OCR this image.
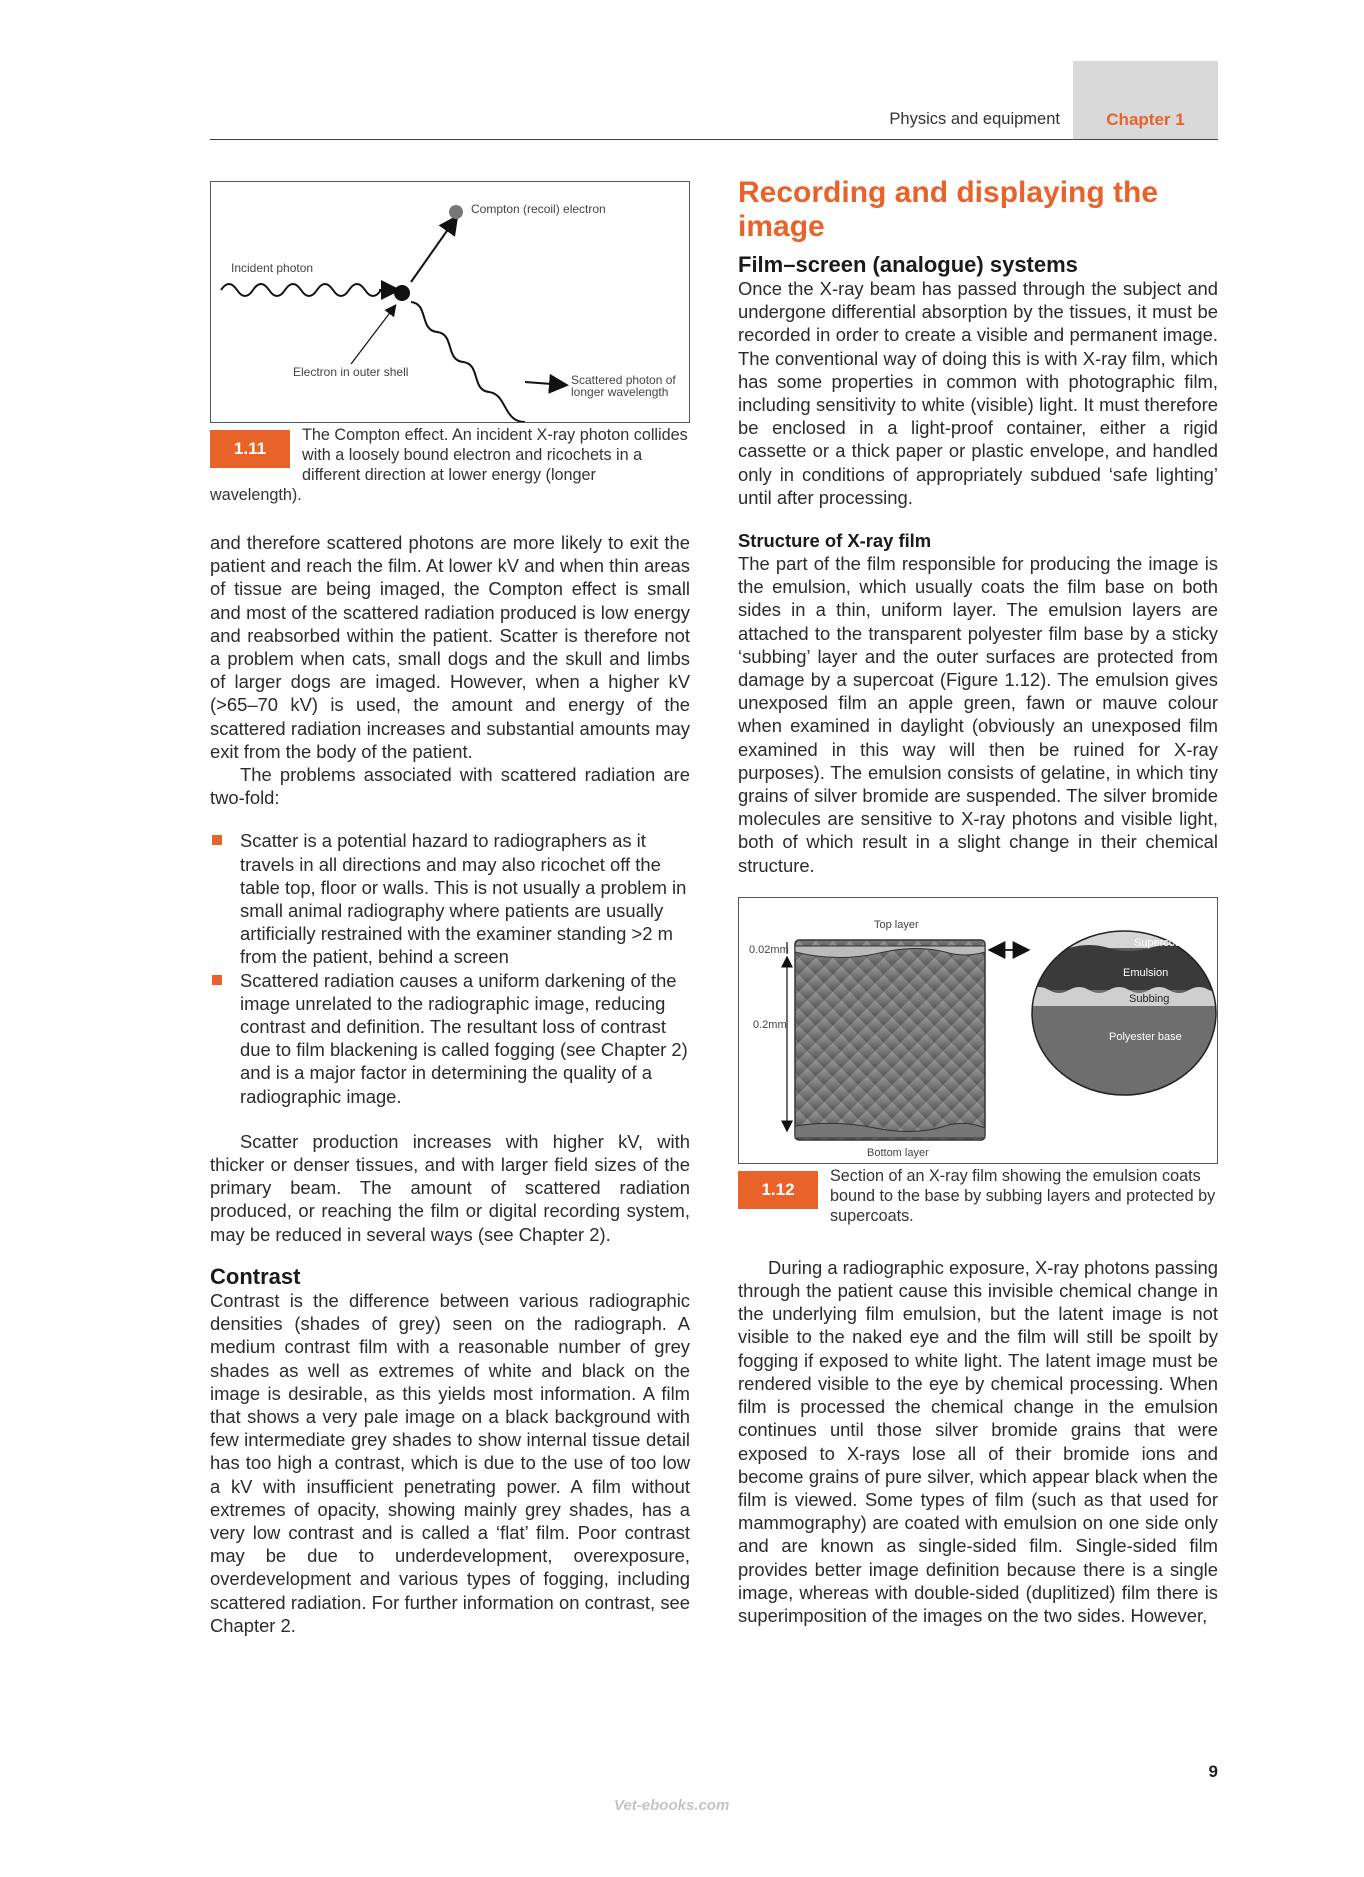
Physics and equipment	Chapter 1
Compton (recoil) electron
Incident photon
Electron in outer shell
Scattered photon of
longer wavelength
1.11
The Compton effect. An incident X-ray photon collides with a loosely bound electron and ricochets in a different direction at lower energy (longer wavelength).

and therefore scattered photons are more likely to exit the patient and reach the film. At lower kV and when thin areas of tissue are being imaged, the Compton effect is small and most of the scattered radiation produced is low energy and reabsorbed within the patient. Scatter is therefore not a problem when cats, small dogs and the skull and limbs of larger dogs are imaged. However, when a higher kV (>65–70 kV) is used, the amount and energy of the scattered radiation increases and substantial amounts may exit from the body of the patient.

The problems associated with scattered radiation are two-fold:

Scatter is a potential hazard to radiographers as it travels in all directions and may also ricochet off the table top, floor or walls. This is not usually a problem in small animal radiography where patients are usually artificially restrained with the examiner standing >2 m from the patient, behind a screen
Scattered radiation causes a uniform darkening of the image unrelated to the radiographic image, reducing contrast and definition. The resultant loss of contrast due to film blackening is called fogging (see Chapter 2) and is a major factor in determining the quality of a radiographic image.

Scatter production increases with higher kV, with thicker or denser tissues, and with larger field sizes of the primary beam. The amount of scattered radiation produced, or reaching the film or digital recording system, may be reduced in several ways (see Chapter 2).

Contrast

Contrast is the difference between various radiographic densities (shades of grey) seen on the radiograph. A medium contrast film with a reasonable number of grey shades as well as extremes of white and black on the image is desirable, as this yields most information. A film that shows a very pale image on a black background with few intermediate grey shades to show internal tissue detail has too high a contrast, which is due to the use of too low a kV with insufficient penetrating power. A film without extremes of opacity, showing mainly grey shades, has a very low contrast and is called a ‘flat’ film. Poor contrast may be due to underdevelopment, overexposure, overdevelopment and various types of fogging, including scattered radiation. For further information on contrast, see Chapter 2.

Recording and displaying the image
Film–screen (analogue) systems

Once the X-ray beam has passed through the subject and undergone differential absorption by the tissues, it must be recorded in order to create a visible and permanent image. The conventional way of doing this is with X-ray film, which has some properties in common with photographic film, including sensitivity to white (visible) light. It must therefore be enclosed in a light-proof container, either a rigid cassette or a thick paper or plastic envelope, and handled only in conditions of appropriately subdued ‘safe lighting’ until after processing.

Structure of X-ray film

The part of the film responsible for producing the image is the emulsion, which usually coats the film base on both sides in a thin, uniform layer. The emulsion layers are attached to the transparent polyester film base by a sticky ‘subbing’ layer and the outer surfaces are protected from damage by a supercoat (Figure 1.12). The emulsion gives unexposed film an apple green, fawn or mauve colour when examined in daylight (obviously an unexposed film examined in this way will then be ruined for X-ray purposes). The emulsion consists of gelatine, in which tiny grains of silver bromide are suspended. The silver bromide molecules are sensitive to X-ray photons and visible light, both of which result in a slight change in their chemical structure.

0.02mm
0.2mm
Top layer
Bottom layer
Supercoat
Emulsion
Subbing
Polyester base
1.12
Section of an X-ray film showing the emulsion coats bound to the base by subbing layers and protected by supercoats.

During a radiographic exposure, X-ray photons passing through the patient cause this invisible chemical change in the underlying film emulsion, but the latent image is not visible to the naked eye and the film will still be spoilt by fogging if exposed to white light. The latent image must be rendered visible to the eye by chemical processing. When film is processed the chemical change in the emulsion continues until those silver bromide grains that were exposed to X-rays lose all of their bromide ions and become grains of pure silver, which appear black when the film is viewed. Some types of film (such as that used for mammography) are coated with emulsion on one side only and are known as single-sided film. Single-sided film provides better image definition because there is a single image, whereas with double-sided (duplitized) film there is superimposition of the images on the two sides. However,

9
Vet-ebooks.com
